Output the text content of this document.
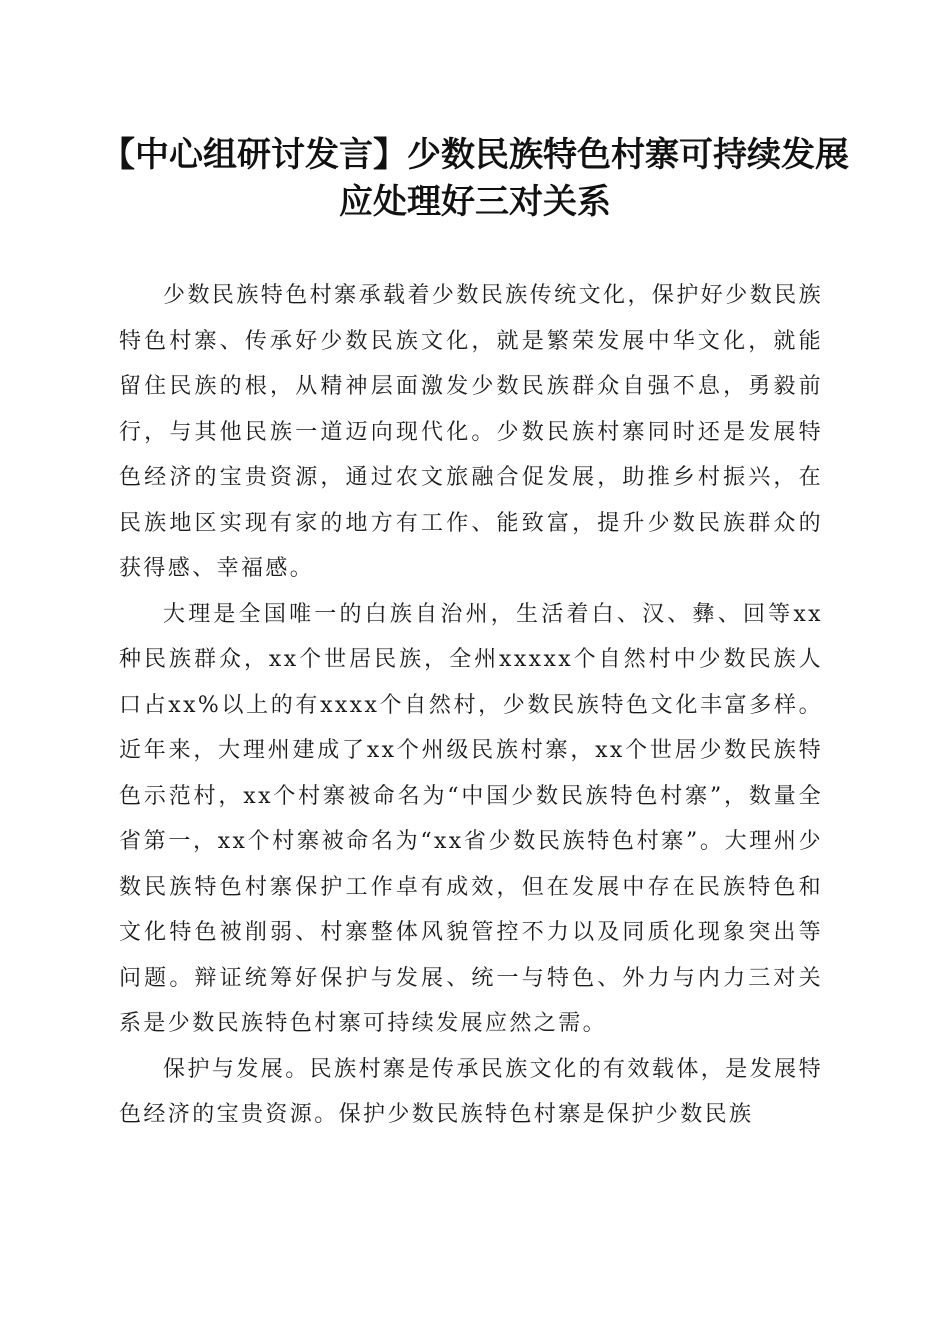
【中心组研讨发言】少数民族特色村寨可持续发展应处理好三对关系

少数民族特色村寨承载着少数民族传统文化，保护好少数民族特色村寨、传承好少数民族文化，就是繁荣发展中华文化，就能留住民族的根，从精神层面激发少数民族群众自强不息，勇毅前行，与其他民族一道迈向现代化。少数民族村寨同时还是发展特色经济的宝贵资源，通过农文旅融合促发展，助推乡村振兴，在民族地区实现有家的地方有工作、能致富，提升少数民族群众的获得感、幸福感。

大理是全国唯一的白族自治州，生活着白、汉、彝、回等xx种民族群众，xx个世居民族，全州xxxxx个自然村中少数民族人口占xx%以上的有xxxx个自然村，少数民族特色文化丰富多样。近年来，大理州建成了xx个州级民族村寨，xx个世居少数民族特色示范村，xx个村寨被命名为“中国少数民族特色村寨”，数量全省第一，xx个村寨被命名为“xx省少数民族特色村寨”。大理州少数民族特色村寨保护工作卓有成效，但在发展中存在民族特色和文化特色被削弱、村寨整体风貌管控不力以及同质化现象突出等问题。辩证统筹好保护与发展、统一与特色、外力与内力三对关系是少数民族特色村寨可持续发展应然之需。

保护与发展。民族村寨是传承民族文化的有效载体，是发展特色经济的宝贵资源。保护少数民族特色村寨是保护少数民族
